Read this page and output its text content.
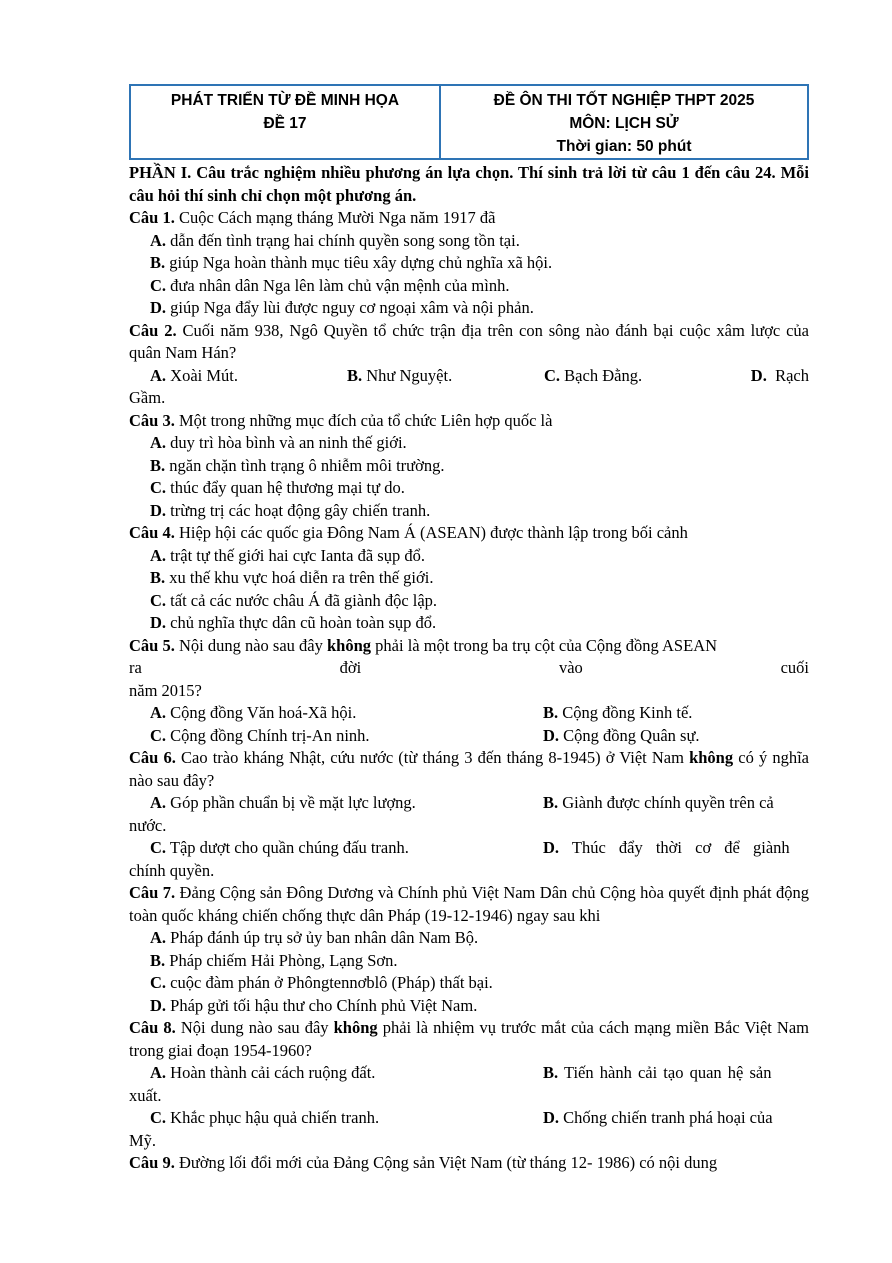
PHÁT TRIỂN TỪ ĐỀ MINH HỌA
ĐỀ 17

ĐỀ ÔN THI TỐT NGHIỆP THPT 2025
MÔN: LỊCH SỬ
Thời gian: 50 phút
PHẦN I. Câu trắc nghiệm nhiều phương án lựa chọn. Thí sinh trả lời từ câu 1 đến câu 24. Mỗi câu hỏi thí sinh chỉ chọn một phương án.
Câu 1. Cuộc Cách mạng tháng Mười Nga năm 1917 đã
A. dẫn đến tình trạng hai chính quyền song song tồn tại.
B. giúp Nga hoàn thành mục tiêu xây dựng chủ nghĩa xã hội.
C. đưa nhân dân Nga lên làm chủ vận mệnh của mình.
D. giúp Nga đẩy lùi được nguy cơ ngoại xâm và nội phản.
Câu 2. Cuối năm 938, Ngô Quyền tổ chức trận địa trên con sông nào đánh bại cuộc xâm lược của quân Nam Hán?
A. Xoài Mút.	B. Như Nguyệt.	C. Bạch Đằng.	D. Rạch
Gầm.
Câu 3. Một trong những mục đích của tổ chức Liên hợp quốc là
A. duy trì hòa bình và an ninh thế giới.
B. ngăn chặn tình trạng ô nhiễm môi trường.
C. thúc đẩy quan hệ thương mại tự do.
D. trừng trị các hoạt động gây chiến tranh.
Câu 4. Hiệp hội các quốc gia Đông Nam Á (ASEAN) được thành lập trong bối cảnh
A. trật tự thế giới hai cực Ianta đã sụp đổ.
B. xu thế khu vực hoá diễn ra trên thế giới.
C. tất cả các nước châu Á đã giành độc lập.
D. chủ nghĩa thực dân cũ hoàn toàn sụp đổ.
Câu 5. Nội dung nào sau đây không phải là một trong ba trụ cột của Cộng đồng ASEAN
ra	đời	vào	cuối
năm 2015?
A. Cộng đồng Văn hoá-Xã hội.	B. Cộng đồng Kinh tế.
C. Cộng đồng Chính trị-An ninh.	D. Cộng đồng Quân sự.
Câu 6. Cao trào kháng Nhật, cứu nước (từ tháng 3 đến tháng 8-1945) ở Việt Nam không có ý nghĩa nào sau đây?
A. Góp phần chuẩn bị về mặt lực lượng.	B. Giành được chính quyền trên cả
nước.
C. Tập dượt cho quần chúng đấu tranh.	D. Thúc đẩy thời cơ để giành
chính quyền.
Câu 7. Đảng Cộng sản Đông Dương và Chính phủ Việt Nam Dân chủ Cộng hòa quyết định phát động toàn quốc kháng chiến chống thực dân Pháp (19-12-1946) ngay sau khi
A. Pháp đánh úp trụ sở ủy ban nhân dân Nam Bộ.
B. Pháp chiếm Hải Phòng, Lạng Sơn.
C. cuộc đàm phán ở Phôngtennơblô (Pháp) thất bại.
D. Pháp gửi tối hậu thư cho Chính phủ Việt Nam.
Câu 8. Nội dung nào sau đây không phải là nhiệm vụ trước mắt của cách mạng miền Bắc Việt Nam trong giai đoạn 1954-1960?
A. Hoàn thành cải cách ruộng đất.	B. Tiến hành cải tạo quan hệ sản
xuất.
C. Khắc phục hậu quả chiến tranh.	D. Chống chiến tranh phá hoại của
Mỹ.
Câu 9. Đường lối đổi mới của Đảng Cộng sản Việt Nam (từ tháng 12- 1986) có nội dung
